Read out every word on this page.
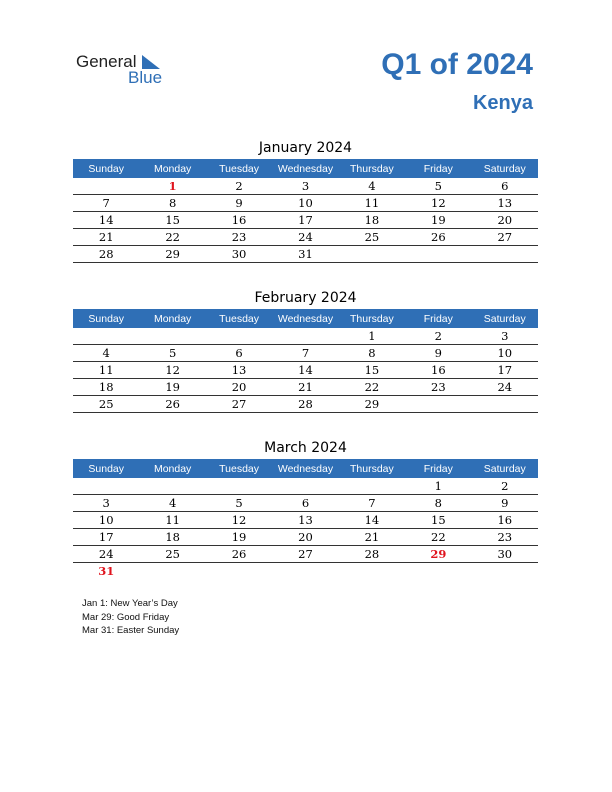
General
Blue	Q1 of 2024
Kenya
January 2024
Sunday	Monday	Tuesday	Wednesday	Thursday	Friday	Saturday
	1	2	3	4	5	6
7	8	9	10	11	12	13
14	15	16	17	18	19	20
21	22	23	24	25	26	27
28	29	30	31			
February 2024
Sunday	Monday	Tuesday	Wednesday	Thursday	Friday	Saturday
				1	2	3
4	5	6	7	8	9	10
11	12	13	14	15	16	17
18	19	20	21	22	23	24
25	26	27	28	29		
March 2024
Sunday	Monday	Tuesday	Wednesday	Thursday	Friday	Saturday
					1	2
3	4	5	6	7	8	9
10	11	12	13	14	15	16
17	18	19	20	21	22	23
24	25	26	27	28	29	30
31						
Jan 1: New Year’s Day
Mar 29: Good Friday
Mar 31: Easter Sunday
